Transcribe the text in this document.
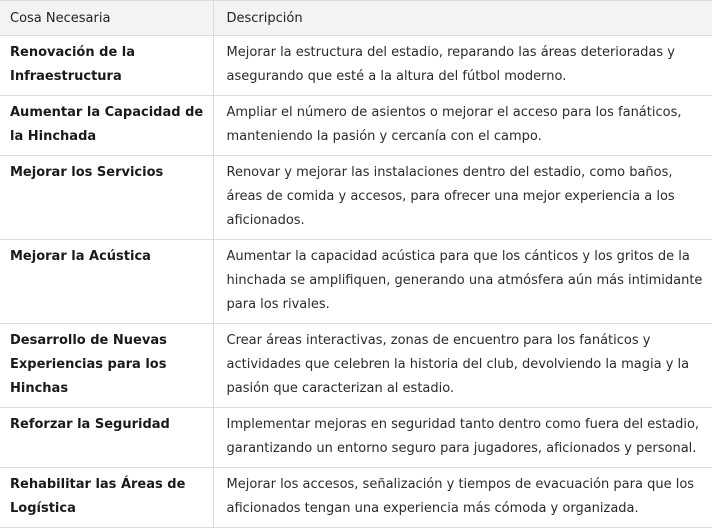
Cosa Necesaria	Descripción
Renovación de la Infraestructura	Mejorar la estructura del estadio, reparando las áreas deterioradas y asegurando que esté a la altura del fútbol moderno.
Aumentar la Capacidad de la Hinchada	Ampliar el número de asientos o mejorar el acceso para los fanáticos, manteniendo la pasión y cercanía con el campo.
Mejorar los Servicios	Renovar y mejorar las instalaciones dentro del estadio, como baños, áreas de comida y accesos, para ofrecer una mejor experiencia a los aficionados.
Mejorar la Acústica	Aumentar la capacidad acústica para que los cánticos y los gritos de la hinchada se amplifiquen, generando una atmósfera aún más intimidante para los rivales.
Desarrollo de Nuevas Experiencias para los Hinchas	Crear áreas interactivas, zonas de encuentro para los fanáticos y actividades que celebren la historia del club, devolviendo la magia y la pasión que caracterizan al estadio.
Reforzar la Seguridad	Implementar mejoras en seguridad tanto dentro como fuera del estadio, garantizando un entorno seguro para jugadores, aficionados y personal.
Rehabilitar las Áreas de Logística	Mejorar los accesos, señalización y tiempos de evacuación para que los aficionados tengan una experiencia más cómoda y organizada.
